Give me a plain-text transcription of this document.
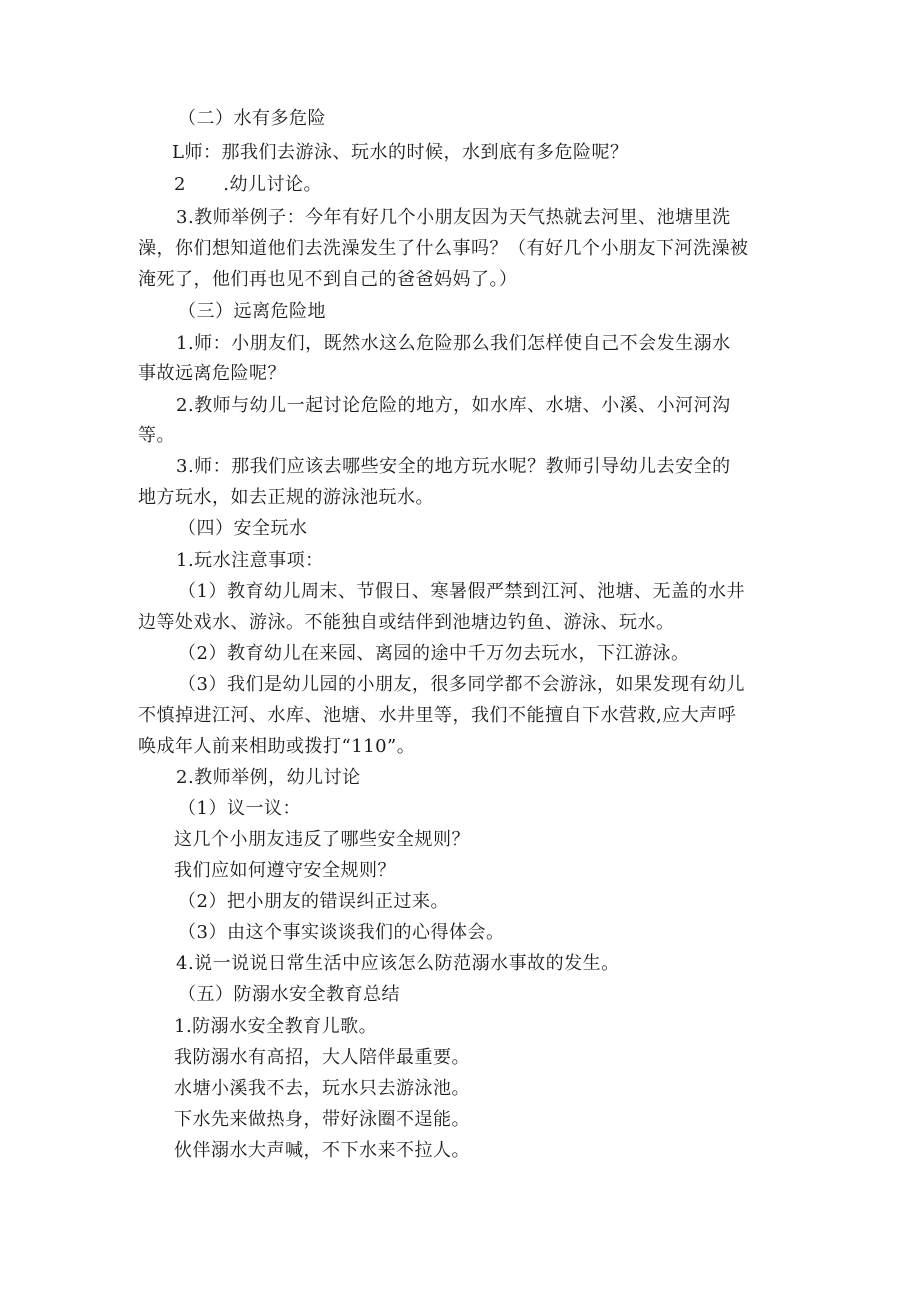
（二）水有多危险
L师：那我们去游泳、玩水的时候，水到底有多危险呢？
2      .幼儿讨论。
3.教师举例子：今年有好几个小朋友因为天气热就去河里、池塘里洗
澡，你们想知道他们去洗澡发生了什么事吗？（有好几个小朋友下河洗澡被
淹死了，他们再也见不到自己的爸爸妈妈了。）
（三）远离危险地
1.师：小朋友们，既然水这么危险那么我们怎样使自己不会发生溺水
事故远离危险呢？
2.教师与幼儿一起讨论危险的地方，如水库、水塘、小溪、小河河沟
等。
3.师：那我们应该去哪些安全的地方玩水呢？教师引导幼儿去安全的
地方玩水，如去正规的游泳池玩水。
（四）安全玩水
1.玩水注意事项：
（1）教育幼儿周末、节假日、寒暑假严禁到江河、池塘、无盖的水井
边等处戏水、游泳。不能独自或结伴到池塘边钓鱼、游泳、玩水。
（2）教育幼儿在来园、离园的途中千万勿去玩水，下江游泳。
（3）我们是幼儿园的小朋友，很多同学都不会游泳，如果发现有幼儿
不慎掉进江河、水库、池塘、水井里等，我们不能擅自下水营救,应大声呼
唤成年人前来相助或拨打“110”。
2.教师举例，幼儿讨论
（1）议一议：
这几个小朋友违反了哪些安全规则？
我们应如何遵守安全规则？
（2）把小朋友的错误纠正过来。
（3）由这个事实谈谈我们的心得体会。
4.说一说说日常生活中应该怎么防范溺水事故的发生。
（五）防溺水安全教育总结
1.防溺水安全教育儿歌。
我防溺水有高招，大人陪伴最重要。
水塘小溪我不去，玩水只去游泳池。
下水先来做热身，带好泳圈不逞能。
伙伴溺水大声喊，不下水来不拉人。
